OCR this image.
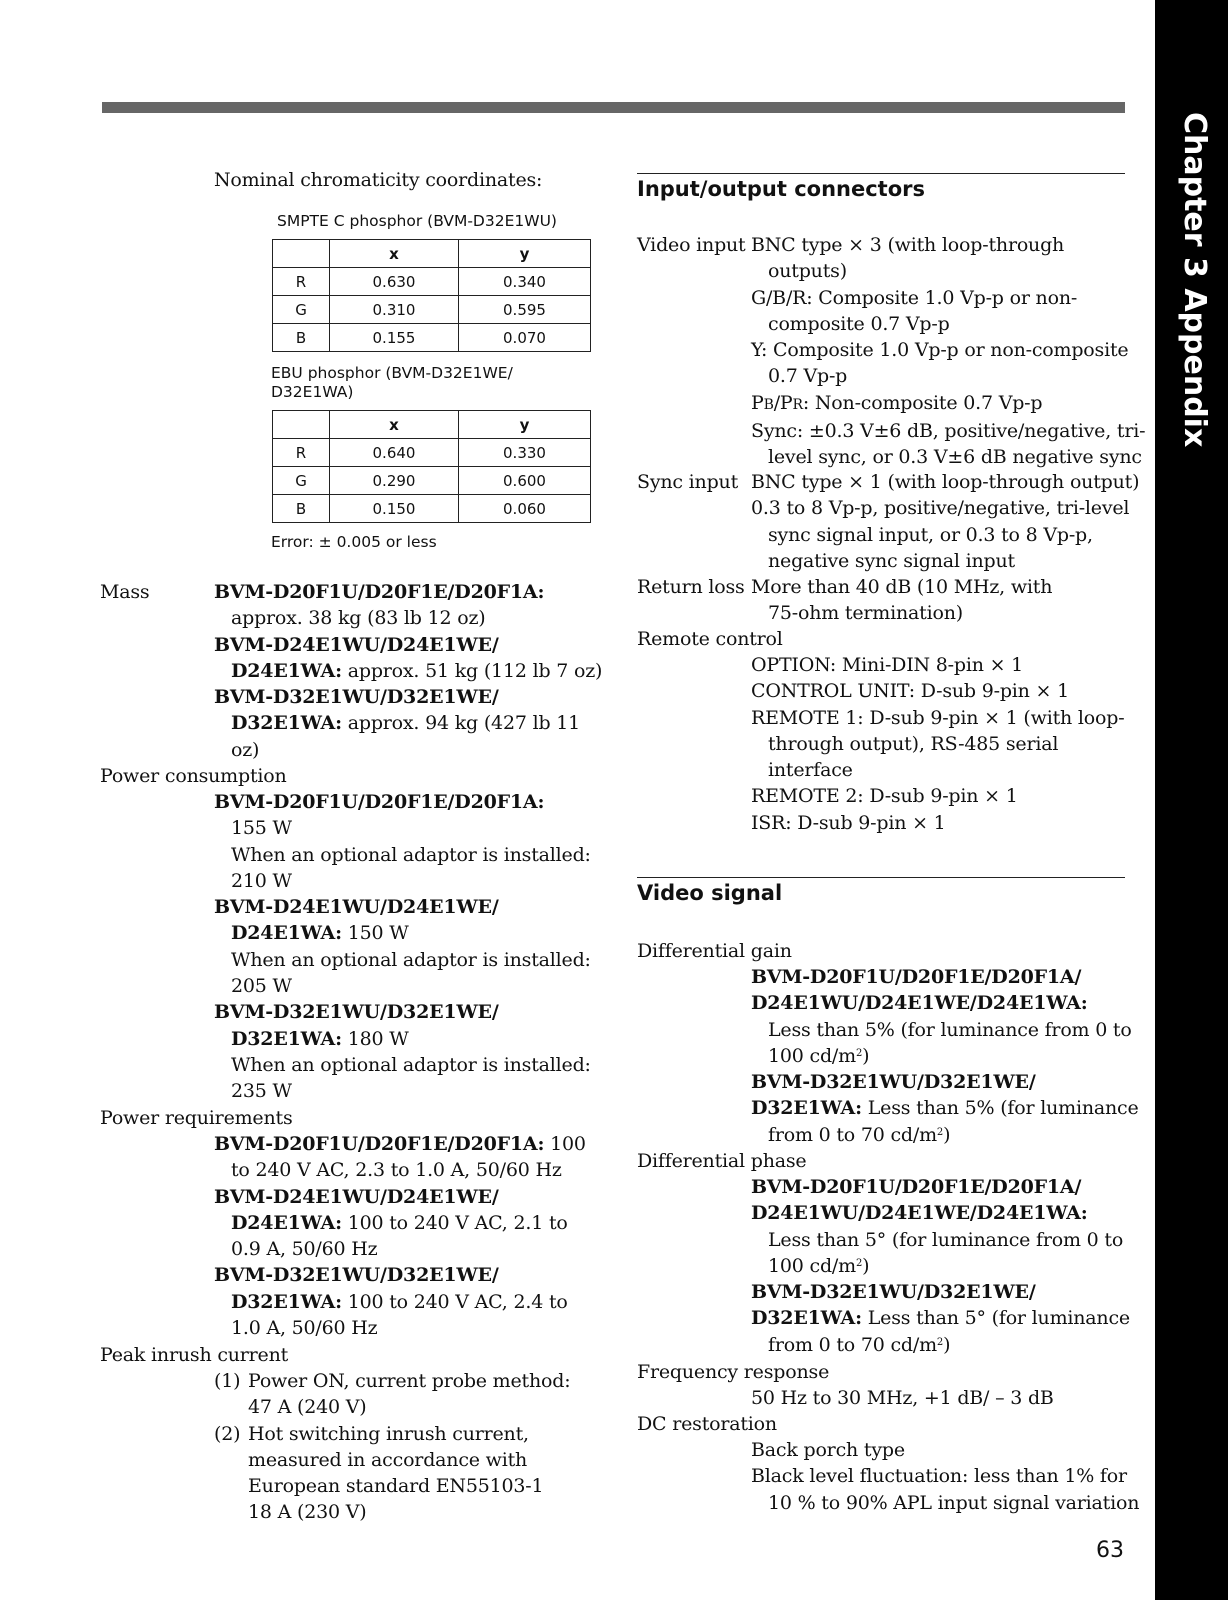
Chapter 3 Appendix
Nominal chromaticity coordinates:
SMPTE C phosphor (BVM-D32E1WU)
	x	y
R	0.630	0.340
G	0.310	0.595
B	0.155	0.070
EBU phosphor (BVM-D32E1WE/
D32E1WA)
	x	y
R	0.640	0.330
G	0.290	0.600
B	0.150	0.060
Error: ± 0.005 or less
Mass	BVM-D20F1U/D20F1E/D20F1A:
approx. 38 kg (83 lb 12 oz)
BVM-D24E1WU/D24E1WE/
D24E1WA: approx. 51 kg (112 lb 7 oz)
BVM-D32E1WU/D32E1WE/
D32E1WA: approx. 94 kg (427 lb 11
oz)
Power consumption
BVM-D20F1U/D20F1E/D20F1A:
155 W
When an optional adaptor is installed:
210 W
BVM-D24E1WU/D24E1WE/
D24E1WA: 150 W
When an optional adaptor is installed:
205 W
BVM-D32E1WU/D32E1WE/
D32E1WA: 180 W
When an optional adaptor is installed:
235 W
Power requirements
BVM-D20F1U/D20F1E/D20F1A: 100
to 240 V AC, 2.3 to 1.0 A, 50/60 Hz
BVM-D24E1WU/D24E1WE/
D24E1WA: 100 to 240 V AC, 2.1 to
0.9 A, 50/60 Hz
BVM-D32E1WU/D32E1WE/
D32E1WA: 100 to 240 V AC, 2.4 to
1.0 A, 50/60 Hz
Peak inrush current
(1) Power ON, current probe method:
47 A (240 V)
(2) Hot switching inrush current,
measured in accordance with
European standard EN55103-1
18 A (230 V)
Input/output connectors
Video input BNC type × 3 (with loop-through
outputs)
G/B/R: Composite 1.0 Vp-p or non-
composite 0.7 Vp-p
Y: Composite 1.0 Vp-p or non-composite
0.7 Vp-p
PB/PR: Non-composite 0.7 Vp-p
Sync: ±0.3 V±6 dB, positive/negative, tri-
level sync, or 0.3 V±6 dB negative sync
Sync input BNC type × 1 (with loop-through output)
0.3 to 8 Vp-p, positive/negative, tri-level
sync signal input, or 0.3 to 8 Vp-p,
negative sync signal input
Return loss More than 40 dB (10 MHz, with
75-ohm termination)
Remote control
OPTION: Mini-DIN 8-pin × 1
CONTROL UNIT: D-sub 9-pin × 1
REMOTE 1: D-sub 9-pin × 1 (with loop-
through output), RS-485 serial
interface
REMOTE 2: D-sub 9-pin × 1
ISR: D-sub 9-pin × 1
Video signal
Differential gain
BVM-D20F1U/D20F1E/D20F1A/
D24E1WU/D24E1WE/D24E1WA:
Less than 5% (for luminance from 0 to
100 $cd/m^2$)
BVM-D32E1WU/D32E1WE/
D32E1WA: Less than 5% (for luminance
from 0 to 70 $cd/m^2$)
Differential phase
BVM-D20F1U/D20F1E/D20F1A/
D24E1WU/D24E1WE/D24E1WA:
Less than 5° (for luminance from 0 to
100 $cd/m^2$)
BVM-D32E1WU/D32E1WE/
D32E1WA: Less than 5° (for luminance
from 0 to 70 $cd/m^2$)
Frequency response
50 Hz to 30 MHz, +1 dB/ – 3 dB
DC restoration
Back porch type
Black level fluctuation: less than 1% for
10 % to 90% APL input signal variation
63
